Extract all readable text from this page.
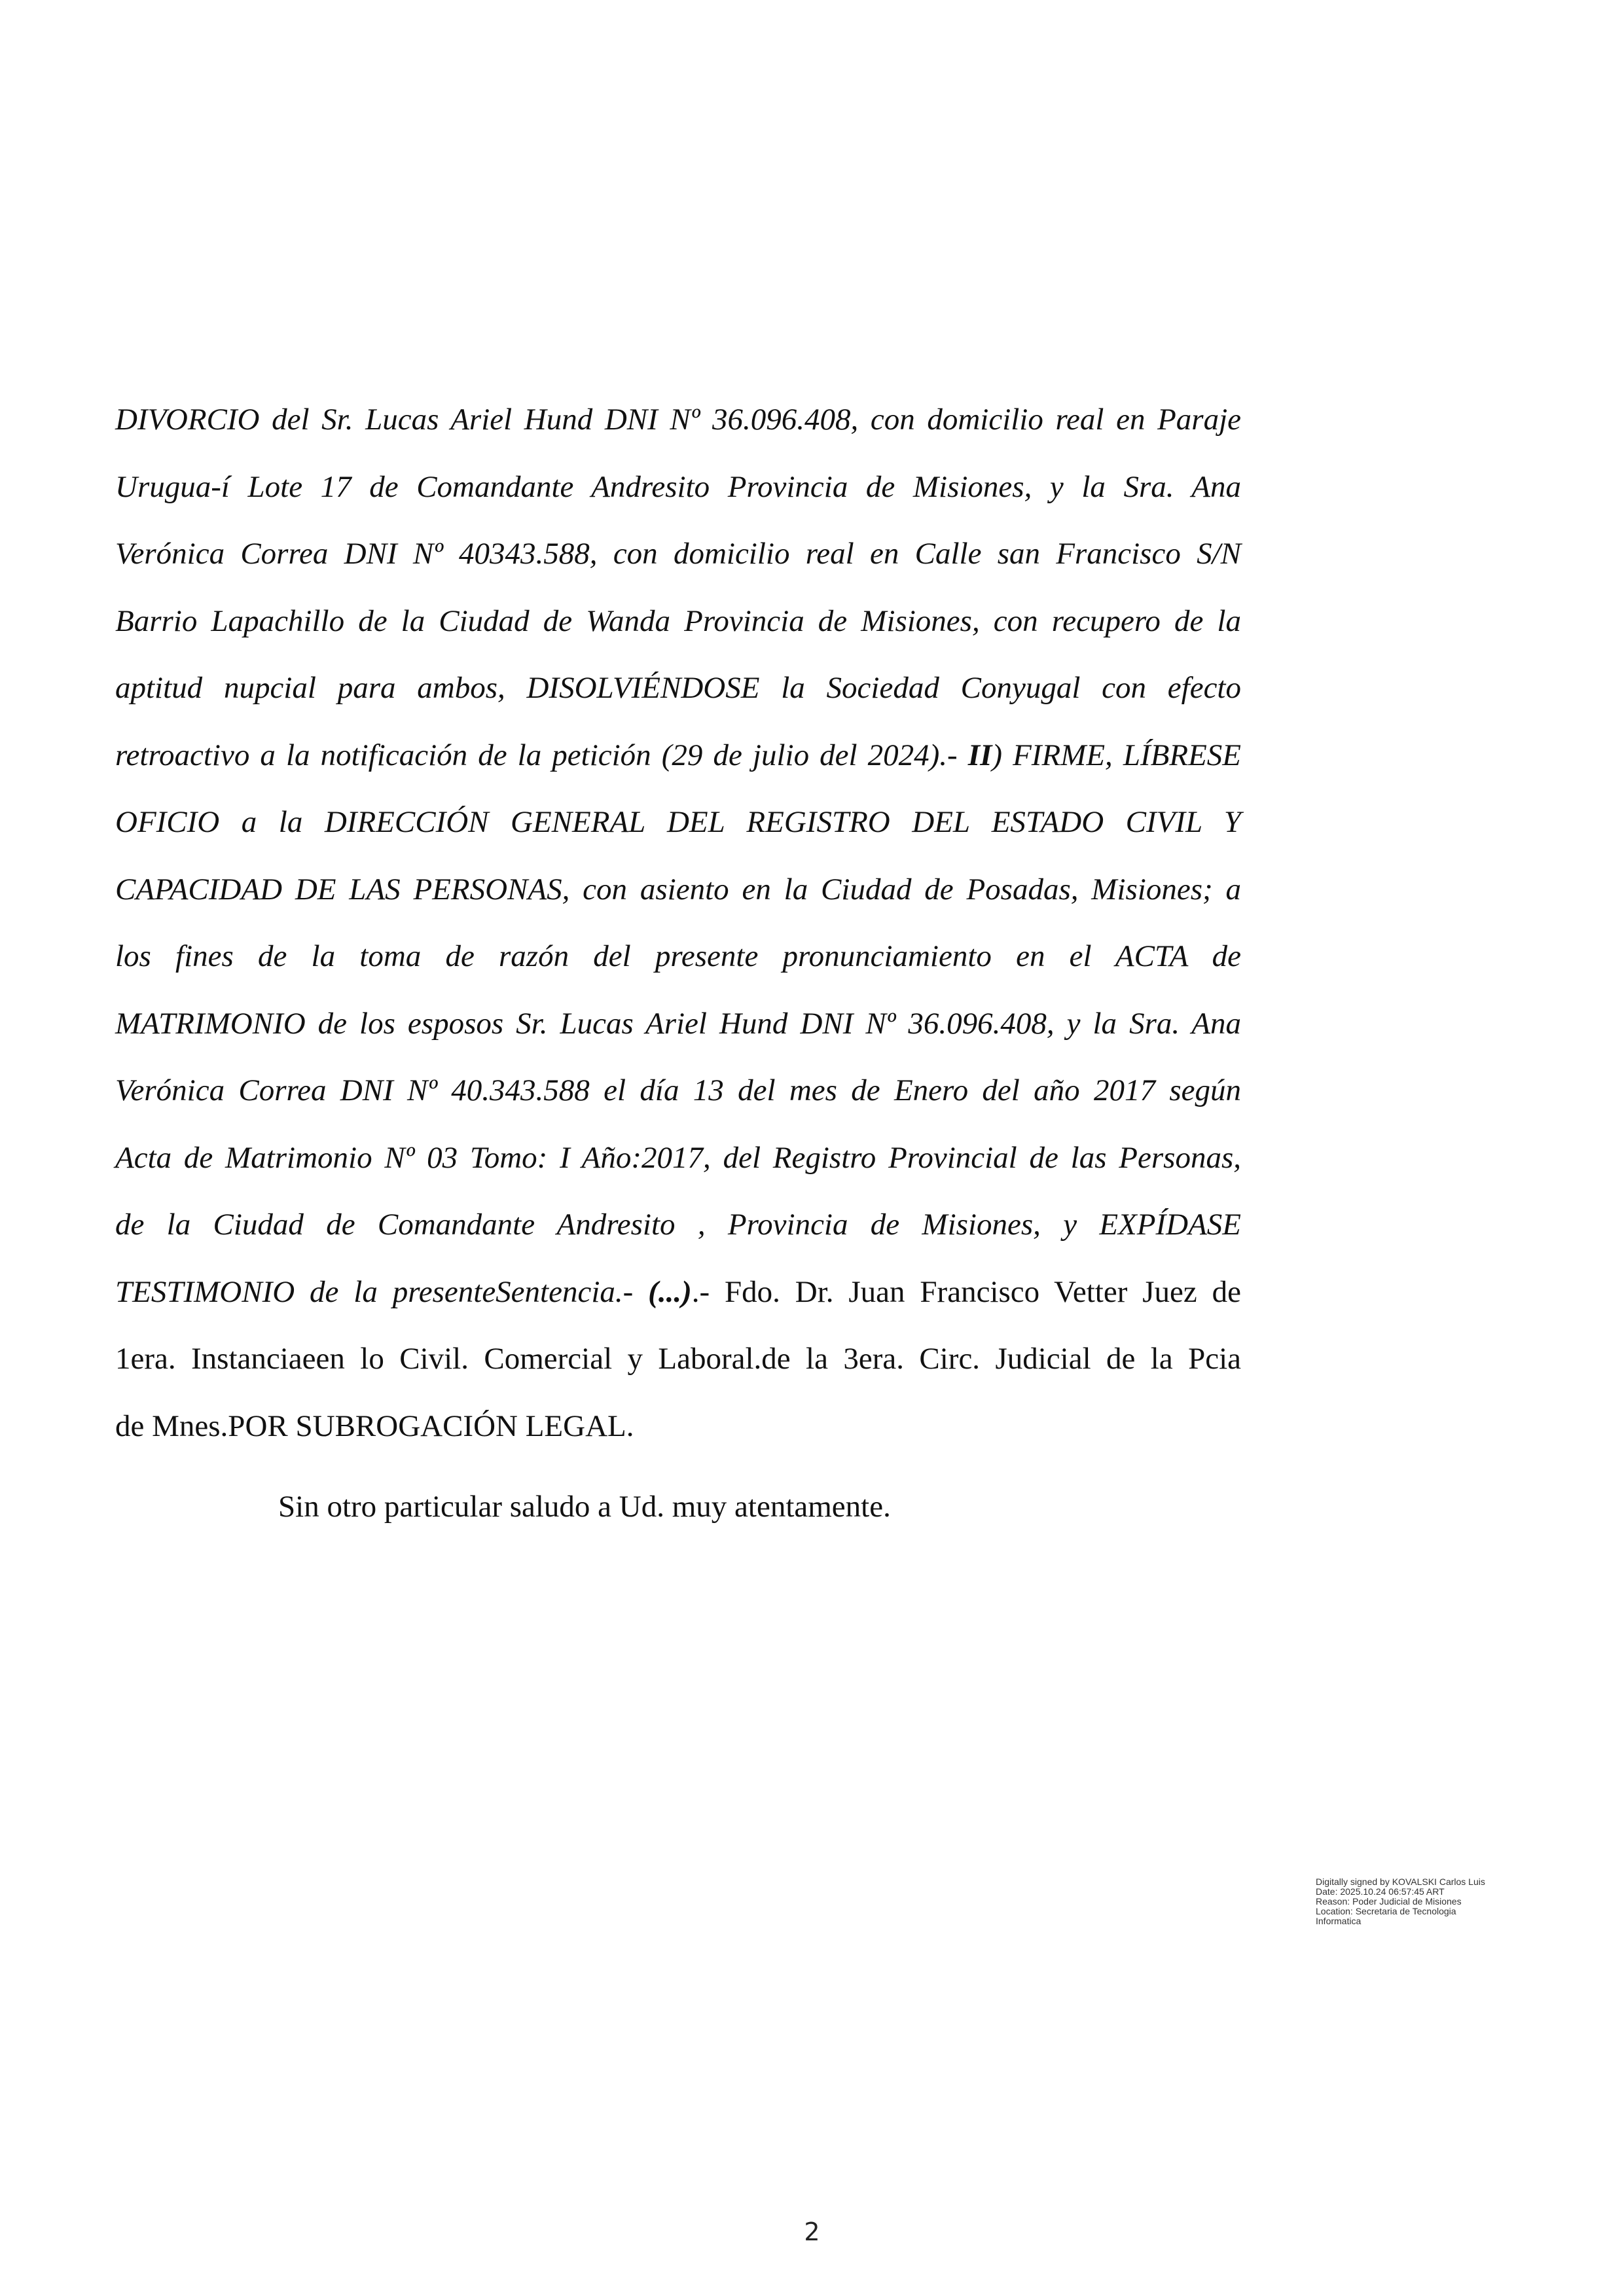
DIVORCIO del Sr. Lucas Ariel Hund DNI Nº 36.096.408, con domicilio real en Paraje
Urugua-í Lote 17 de Comandante Andresito Provincia de Misiones, y la Sra. Ana
Verónica Correa DNI Nº 40343.588, con domicilio real en Calle san Francisco S/N
Barrio Lapachillo de la Ciudad de Wanda Provincia de Misiones, con recupero de la
aptitud nupcial para ambos, DISOLVIÉNDOSE la Sociedad Conyugal con efecto
retroactivo a la notificación de la petición (29 de julio del 2024).- II) FIRME, LÍBRESE
OFICIO a la DIRECCIÓN GENERAL DEL REGISTRO DEL ESTADO CIVIL Y
CAPACIDAD DE LAS PERSONAS, con asiento en la Ciudad de Posadas, Misiones; a
los fines de la toma de razón del presente pronunciamiento en el ACTA de
MATRIMONIO de los esposos Sr. Lucas Ariel Hund DNI Nº 36.096.408, y la Sra. Ana
Verónica Correa DNI Nº 40.343.588 el día 13 del mes de Enero del año 2017 según
Acta de Matrimonio Nº 03 Tomo: I Año:2017, del Registro Provincial de las Personas,
de la Ciudad de Comandante Andresito , Provincia de Misiones, y EXPÍDASE
TESTIMONIO de la presenteSentencia.- (...).- Fdo. Dr. Juan Francisco Vetter Juez de
1era. Instanciaeen lo Civil. Comercial y Laboral.de la 3era. Circ. Judicial de la Pcia
de Mnes.POR SUBROGACIÓN LEGAL.
Sin otro particular saludo a Ud. muy atentamente.
Digitally signed by KOVALSKI Carlos Luis
Date: 2025.10.24 06:57:45 ART
Reason: Poder Judicial de Misiones
Location: Secretaria de Tecnologia
Informatica
2
